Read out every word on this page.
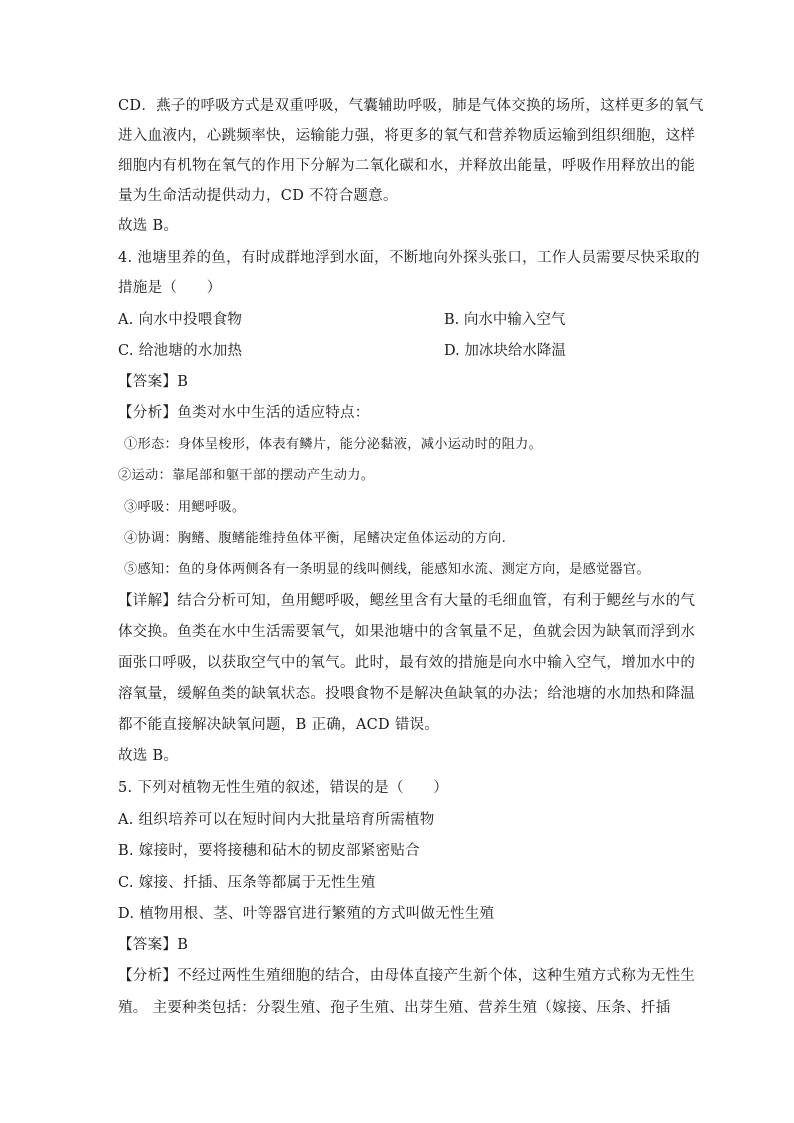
CD．燕子的呼吸方式是双重呼吸，气囊辅助呼吸，肺是气体交换的场所，这样更多的氧气
进入血液内，心跳频率快，运输能力强，将更多的氧气和营养物质运输到组织细胞，这样
细胞内有机物在氧气的作用下分解为二氧化碳和水，并释放出能量，呼吸作用释放出的能
量为生命活动提供动力，CD 不符合题意。
故选 B。
4. 池塘里养的鱼，有时成群地浮到水面，不断地向外探头张口，工作人员需要尽快采取的
措施是（　　）
A. 向水中投喂食物	B. 向水中输入空气
C. 给池塘的水加热	D. 加冰块给水降温
【答案】B
【分析】鱼类对水中生活的适应特点：
①形态：身体呈梭形，体表有鳞片，能分泌黏液，减小运动时的阻力。
②运动：靠尾部和躯干部的摆动产生动力。
③呼吸：用鳃呼吸。
④协调：胸鳍、腹鳍能维持鱼体平衡，尾鳍决定鱼体运动的方向.
⑤感知：鱼的身体两侧各有一条明显的线叫侧线，能感知水流、测定方向，是感觉器官。
【详解】结合分析可知，鱼用鳃呼吸，鳃丝里含有大量的毛细血管，有利于鳃丝与水的气
体交换。鱼类在水中生活需要氧气，如果池塘中的含氧量不足，鱼就会因为缺氧而浮到水
面张口呼吸，以获取空气中的氧气。此时，最有效的措施是向水中输入空气，增加水中的
溶氧量，缓解鱼类的缺氧状态。投喂食物不是解决鱼缺氧的办法；给池塘的水加热和降温
都不能直接解决缺氧问题，B 正确，ACD 错误。
故选 B。
5. 下列对植物无性生殖的叙述，错误的是（　　）
A. 组织培养可以在短时间内大批量培育所需植物
B. 嫁接时，要将接穗和砧木的韧皮部紧密贴合
C. 嫁接、扦插、压条等都属于无性生殖
D. 植物用根、茎、叶等器官进行繁殖的方式叫做无性生殖
【答案】B
【分析】不经过两性生殖细胞的结合，由母体直接产生新个体，这种生殖方式称为无性生
殖。 主要种类包括：分裂生殖、孢子生殖、出芽生殖、营养生殖（嫁接、压条、扦插
